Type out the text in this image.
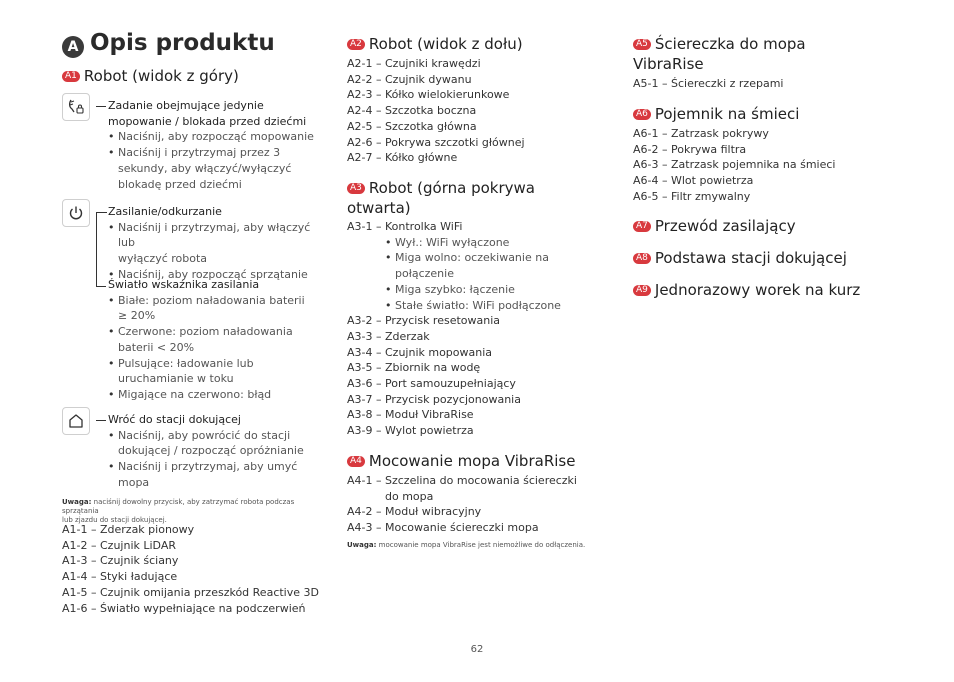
A Opis produktu
A1 Robot (widok z góry)
Zadanie obejmujące jedynie
mopowanie / blokada przed dziećmi
• Naciśnij, aby rozpocząć mopowanie
• Naciśnij i przytrzymaj przez 3
sekundy, aby włączyć/wyłączyć
blokadę przed dziećmi
Zasilanie/odkurzanie
• Naciśnij i przytrzymaj, aby włączyć lub
wyłączyć robota
• Naciśnij, aby rozpocząć sprzątanie
Światło wskaźnika zasilania
• Białe: poziom naładowania baterii
≥ 20%
• Czerwone: poziom naładowania
baterii < 20%
• Pulsujące: ładowanie lub
uruchamianie w toku
• Migające na czerwono: błąd
Wróć do stacji dokującej
• Naciśnij, aby powrócić do stacji
dokującej / rozpocząć opróżnianie
• Naciśnij i przytrzymaj, aby umyć
mopa
Uwaga: naciśnij dowolny przycisk, aby zatrzymać robota podczas sprzątania
lub zjazdu do stacji dokującej.
A1-1 – Zderzak pionowy
A1-2 – Czujnik LiDAR
A1-3 – Czujnik ściany
A1-4 – Styki ładujące
A1-5 – Czujnik omijania przeszkód Reactive 3D
A1-6 – Światło wypełniające na podczerwień
A2 Robot (widok z dołu)
A2-1 – Czujniki krawędzi
A2-2 – Czujnik dywanu
A2-3 – Kółko wielokierunkowe
A2-4 – Szczotka boczna
A2-5 – Szczotka główna
A2-6 – Pokrywa szczotki głównej
A2-7 – Kółko główne
A3 Robot (górna pokrywa
otwarta)
A3-1 – Kontrolka WiFi
• Wył.: WiFi wyłączone
• Miga wolno: oczekiwanie na
połączenie
• Miga szybko: łączenie
• Stałe światło: WiFi podłączone
A3-2 – Przycisk resetowania
A3-3 – Zderzak
A3-4 – Czujnik mopowania
A3-5 – Zbiornik na wodę
A3-6 – Port samouzupełniający
A3-7 – Przycisk pozycjonowania
A3-8 – Moduł VibraRise
A3-9 – Wylot powietrza
A4 Mocowanie mopa VibraRise
A4-1 – Szczelina do mocowania ściereczki
do mopa
A4-2 – Moduł wibracyjny
A4-3 – Mocowanie ściereczki mopa
Uwaga: mocowanie mopa VibraRise jest niemożliwe do odłączenia.
A5 Ściereczka do mopa
VibraRise
A5-1 – Ściereczki z rzepami
A6 Pojemnik na śmieci
A6-1 – Zatrzask pokrywy
A6-2 – Pokrywa filtra
A6-3 – Zatrzask pojemnika na śmieci
A6-4 – Wlot powietrza
A6-5 – Filtr zmywalny
A7 Przewód zasilający
A8 Podstawa stacji dokującej
A9 Jednorazowy worek na kurz
62
